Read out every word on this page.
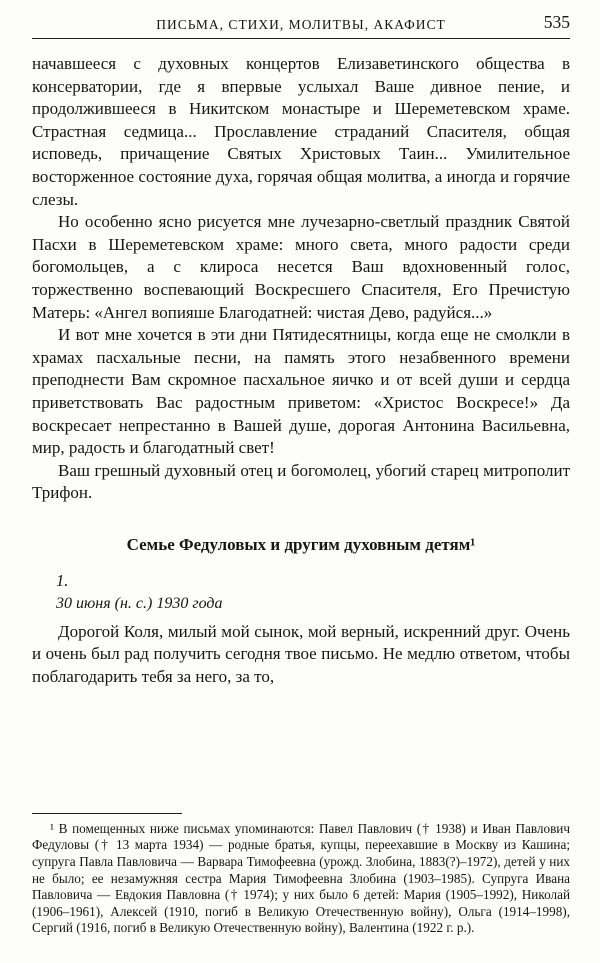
ПИСЬМА, СТИХИ, МОЛИТВЫ, АКАФИСТ	535

начавшееся с духовных концертов Елизаветинского общества в консерватории, где я впервые услыхал Ваше дивное пение, и продолжившееся в Никитском монастыре и Шереметевском храме. Страстная седмица... Прославление страданий Спасителя, общая исповедь, причащение Святых Христовых Таин... Умилительное восторженное состояние духа, горячая общая молитва, а иногда и горячие слезы.

Но особенно ясно рисуется мне лучезарно-светлый праздник Святой Пасхи в Шереметевском храме: много света, много радости среди богомольцев, а с клироса несется Ваш вдохновенный голос, торжественно воспевающий Воскресшего Спасителя, Его Пречистую Матерь: «Ангел вопияше Благодатней: чистая Дево, радуйся...»

И вот мне хочется в эти дни Пятидесятницы, когда еще не смолкли в храмах пасхальные песни, на память этого незабвенного времени преподнести Вам скромное пасхальное яичко и от всей души и сердца приветствовать Вас радостным приветом: «Христос Воскресе!» Да воскресает непрестанно в Вашей душе, дорогая Антонина Васильевна, мир, радость и благодатный свет!

Ваш грешный духовный отец и богомолец, убогий старец митрополит Трифон.

Семье Федуловых и другим духовным детям¹

1.

30 июня (н. с.) 1930 года

Дорогой Коля, милый мой сынок, мой верный, искренний друг. Очень и очень был рад получить сегодня твое письмо. Не медлю ответом, чтобы поблагодарить тебя за него, за то,

¹ В помещенных ниже письмах упоминаются: Павел Павлович († 1938) и Иван Павлович Федуловы († 13 марта 1934) — родные братья, купцы, переехавшие в Москву из Кашина; супруга Павла Павловича — Варвара Тимофеевна (урожд. Злобина, 1883(?)–1972), детей у них не было; ее незамужняя сестра Мария Тимофеевна Злобина (1903–1985). Супруга Ивана Павловича — Евдокия Павловна († 1974); у них было 6 детей: Мария (1905–1992), Николай (1906–1961), Алексей (1910, погиб в Великую Отечественную войну), Ольга (1914–1998), Сергий (1916, погиб в Великую Отечественную войну), Валентина (1922 г. р.).
